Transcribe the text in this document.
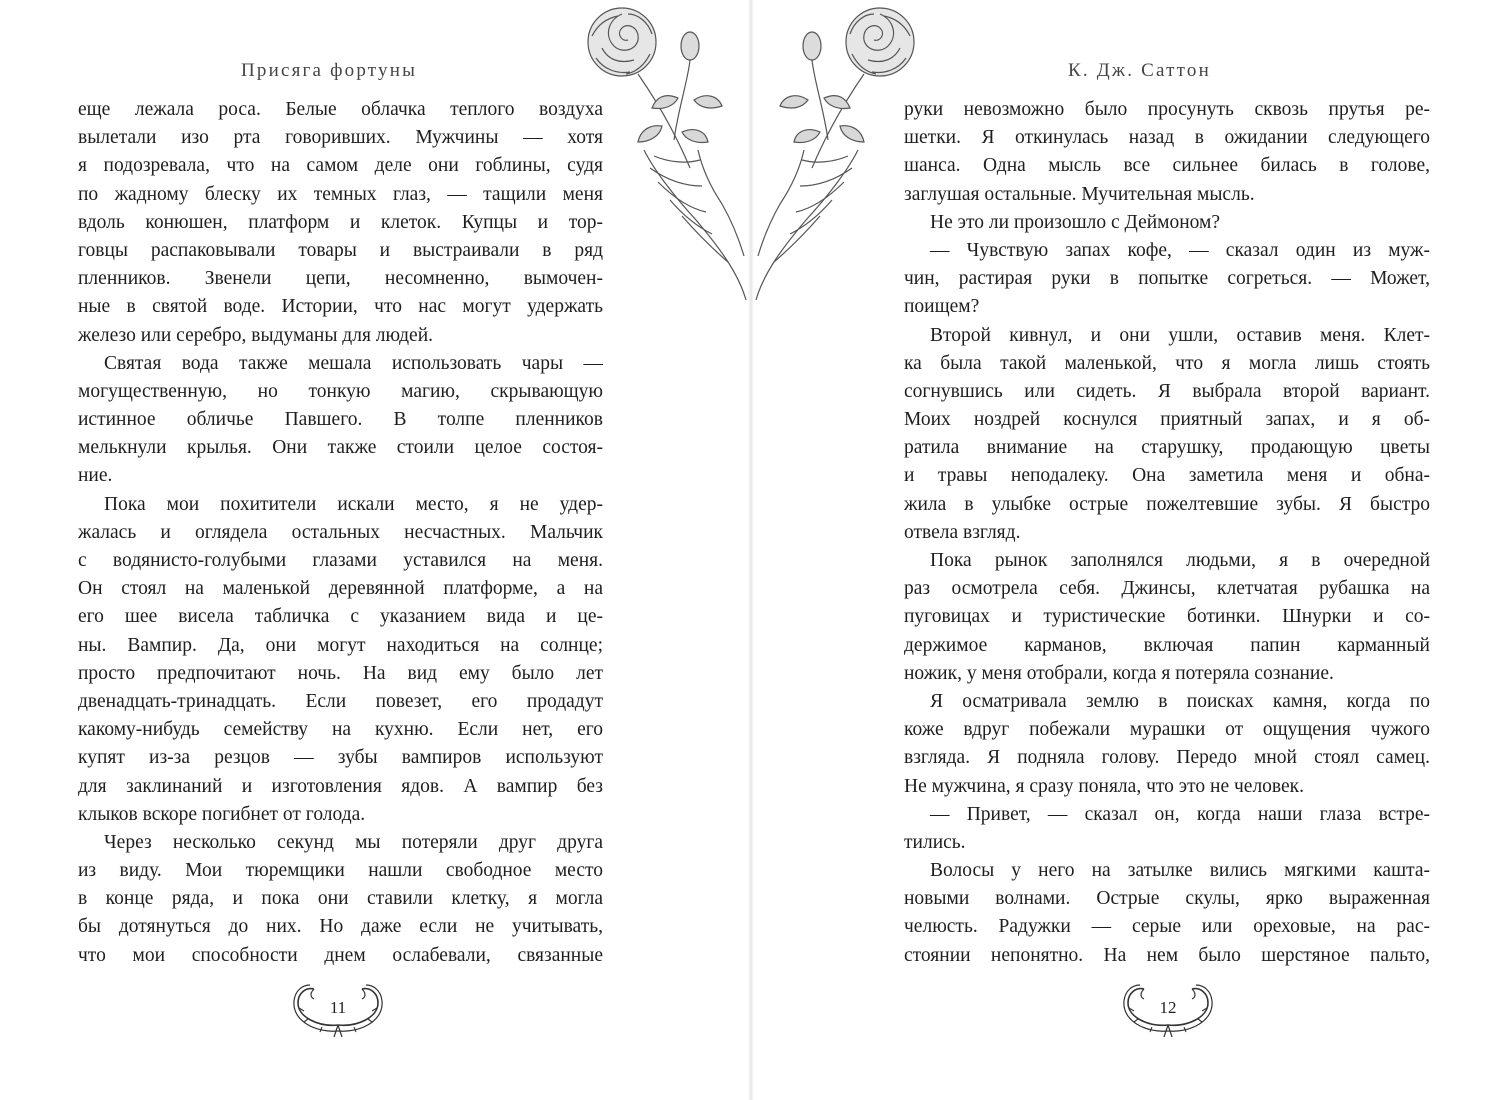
Присяга фортуны
еще лежала роса. Белые облачка теплого воздуха
вылетали изо рта говоривших. Мужчины — хотя
я подозревала, что на самом деле они гоблины, судя
по жадному блеску их темных глаз, — тащили меня
вдоль конюшен, платформ и клеток. Купцы и тор-
говцы распаковывали товары и выстраивали в ряд
пленников. Звенели цепи, несомненно, вымочен-
ные в святой воде. Истории, что нас могут удержать
железо или серебро, выдуманы для людей.
Святая вода также мешала использовать чары —
могущественную, но тонкую магию, скрывающую
истинное обличье Павшего. В толпе пленников
мелькнули крылья. Они также стоили целое состоя-
ние.
Пока мои похитители искали место, я не удер-
жалась и оглядела остальных несчастных. Мальчик
с водянисто-голубыми глазами уставился на меня.
Он стоял на маленькой деревянной платформе, а на
его шее висела табличка с указанием вида и це-
ны. Вампир. Да, они могут находиться на солнце;
просто предпочитают ночь. На вид ему было лет
двенадцать-тринадцать. Если повезет, его продадут
какому-нибудь семейству на кухню. Если нет, его
купят из-за резцов — зубы вампиров используют
для заклинаний и изготовления ядов. А вампир без
клыков вскоре погибнет от голода.
Через несколько секунд мы потеряли друг друга
из виду. Мои тюремщики нашли свободное место
в конце ряда, и пока они ставили клетку, я могла
бы дотянуться до них. Но даже если не учитывать,
что мои способности днем ослабевали, связанные
11
К. Дж. Саттон
руки невозможно было просунуть сквозь прутья ре-
шетки. Я откинулась назад в ожидании следующего
шанса. Одна мысль все сильнее билась в голове,
заглушая остальные. Мучительная мысль.
Не это ли произошло с Деймоном?
— Чувствую запах кофе, — сказал один из муж-
чин, растирая руки в попытке согреться. — Может,
поищем?
Второй кивнул, и они ушли, оставив меня. Клет-
ка была такой маленькой, что я могла лишь стоять
согнувшись или сидеть. Я выбрала второй вариант.
Моих ноздрей коснулся приятный запах, и я об-
ратила внимание на старушку, продающую цветы
и травы неподалеку. Она заметила меня и обна-
жила в улыбке острые пожелтевшие зубы. Я быстро
отвела взгляд.
Пока рынок заполнялся людьми, я в очередной
раз осмотрела себя. Джинсы, клетчатая рубашка на
пуговицах и туристические ботинки. Шнурки и со-
держимое карманов, включая папин карманный
ножик, у меня отобрали, когда я потеряла сознание.
Я осматривала землю в поисках камня, когда по
коже вдруг побежали мурашки от ощущения чужого
взгляда. Я подняла голову. Передо мной стоял самец.
Не мужчина, я сразу поняла, что это не человек.
— Привет, — сказал он, когда наши глаза встре-
тились.
Волосы у него на затылке вились мягкими кашта-
новыми волнами. Острые скулы, ярко выраженная
челюсть. Радужки — серые или ореховые, на рас-
стоянии непонятно. На нем было шерстяное пальто,
12
